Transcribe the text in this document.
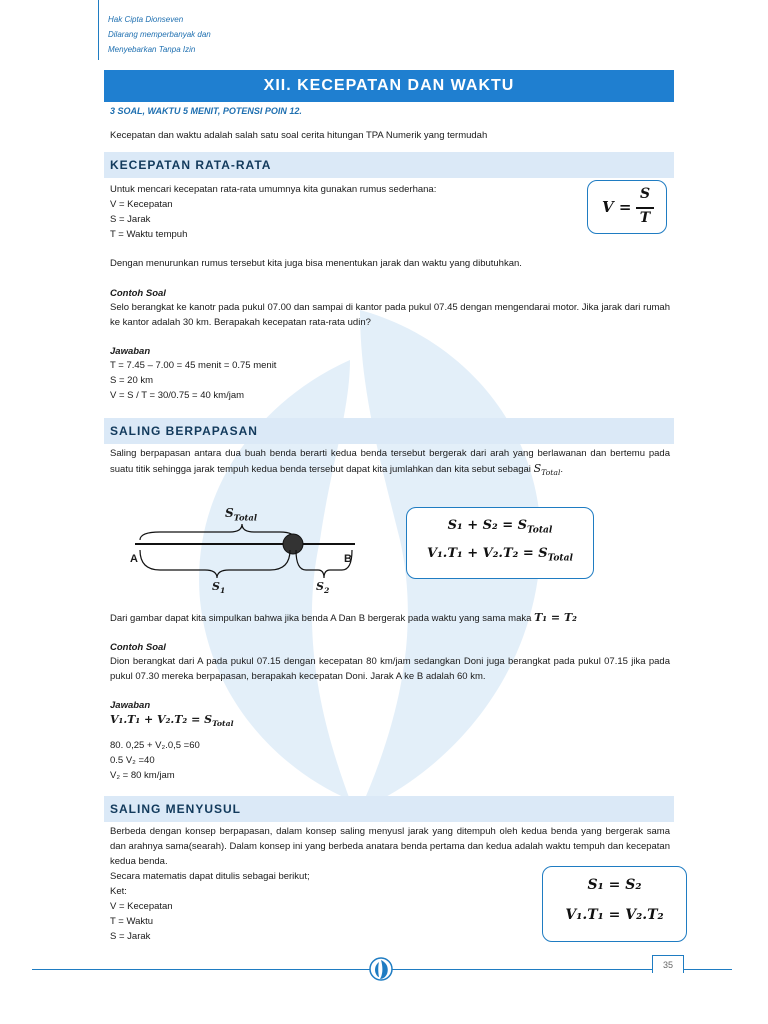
Hak Cipta Dionseven
Dilarang memperbanyak dan
Menyebarkan Tanpa Izin
XII. KECEPATAN DAN WAKTU
3 SOAL, WAKTU 5 MENIT, POTENSI POIN 12.
Kecepatan dan waktu adalah salah satu soal cerita hitungan TPA Numerik yang termudah
KECEPATAN RATA-RATA
Untuk mencari kecepatan rata-rata umumnya kita gunakan rumus sederhana:
V = Kecepatan
S = Jarak
T = Waktu tempuh
V =
S
T
Dengan menurunkan rumus tersebut kita juga bisa menentukan jarak dan waktu yang dibutuhkan.
Contoh Soal
Selo berangkat ke kanotr pada pukul 07.00 dan sampai di kantor pada pukul 07.45 dengan mengendarai motor. Jika jarak dari rumah ke kantor adalah 30 km. Berapakah kecepatan rata-rata udin?
Jawaban
T = 7.45 – 7.00 = 45 menit = 0.75 menit
S = 20 km
V = S / T = 30/0.75 = 40 km/jam
SALING BERPAPASAN
Saling berpapasan antara dua buah benda berarti kedua benda tersebut bergerak dari arah yang berlawanan dan bertemu pada suatu titik sehingga jarak tempuh kedua benda tersebut dapat kita jumlahkan dan kita sebut sebagai $S_{Total}$.
$S_{Total}$
A	B
$S_1$	$S_2$
$S_1 + S_2 = S_{Total}$
$V_1.T_1 + V_2.T_2 = S_{Total}$
Dari gambar dapat kita simpulkan bahwa jika benda A Dan B bergerak pada waktu yang sama maka T₁ = T₂
Contoh Soal
Dion berangkat dari A pada pukul 07.15 dengan kecepatan 80 km/jam sedangkan Doni juga berangkat pada pukul 07.15 jika pada pukul 07.30 mereka berpapasan, berapakah kecepatan Doni. Jarak A ke B adalah 60 km.
Jawaban
$V_1.T_1 + V_2.T_2 = S_{Total}$
80. 0,25 + V₂.0,5 =60
0.5 V₂ =40
V₂ = 80 km/jam
SALING MENYUSUL
Berbeda dengan konsep berpapasan, dalam konsep saling menyusl jarak yang ditempuh oleh kedua benda yang bergerak sama dan arahnya sama(searah). Dalam konsep ini yang berbeda anatara benda pertama dan kedua adalah waktu tempuh dan kecepatan kedua benda.
Secara matematis dapat ditulis sebagai berikut;
Ket:
V = Kecepatan
T = Waktu
S = Jarak
S₁ = S₂
V₁.T₁ = V₂.T₂
35
